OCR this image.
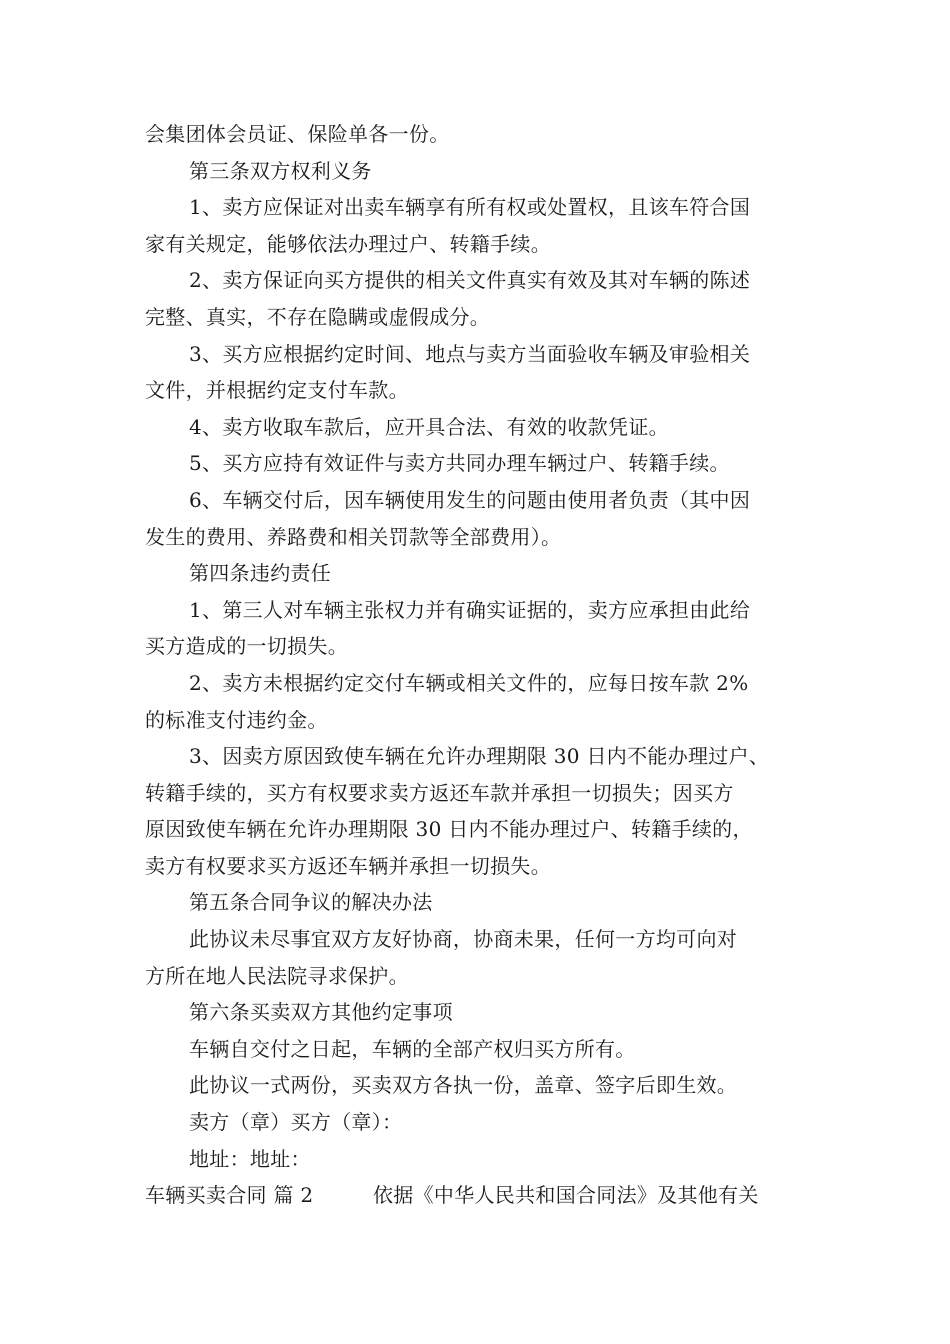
会集团体会员证、保险单各一份。
第三条双方权利义务
1、卖方应保证对出卖车辆享有所有权或处置权，且该车符合国
家有关规定，能够依法办理过户、转籍手续。
2、卖方保证向买方提供的相关文件真实有效及其对车辆的陈述
完整、真实，不存在隐瞒或虚假成分。
3、买方应根据约定时间、地点与卖方当面验收车辆及审验相关
文件，并根据约定支付车款。
4、卖方收取车款后，应开具合法、有效的收款凭证。
5、买方应持有效证件与卖方共同办理车辆过户、转籍手续。
6、车辆交付后，因车辆使用发生的问题由使用者负责（其中因
发生的费用、养路费和相关罚款等全部费用）。
第四条违约责任
1、第三人对车辆主张权力并有确实证据的，卖方应承担由此给
买方造成的一切损失。
2、卖方未根据约定交付车辆或相关文件的，应每日按车款 2%
的标准支付违约金。
3、因卖方原因致使车辆在允许办理期限 30 日内不能办理过户、
转籍手续的，买方有权要求卖方返还车款并承担一切损失；因买方
原因致使车辆在允许办理期限 30 日内不能办理过户、转籍手续的，
卖方有权要求买方返还车辆并承担一切损失。
第五条合同争议的解决办法
此协议未尽事宜双方友好协商，协商未果，任何一方均可向对
方所在地人民法院寻求保护。
第六条买卖双方其他约定事项
车辆自交付之日起，车辆的全部产权归买方所有。
此协议一式两份，买卖双方各执一份，盖章、签字后即生效。
卖方（章）买方（章）：
地址：地址：
车辆买卖合同 篇 2	依据《中华人民共和国合同法》及其他有关
